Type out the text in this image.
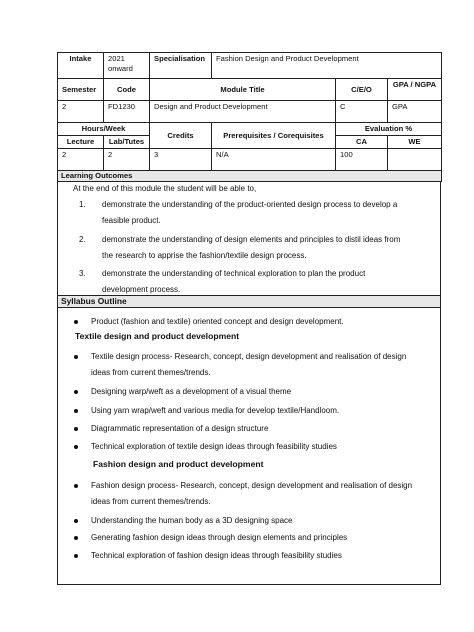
Intake	2021 onward	Specialisation	Fashion Design and Product Development		
Semester	Code	Module Title		C/E/O	GPA / NGPA
2	FD1230	Design and Product Development		C	GPA
Hours/Week		Credits	Prerequisites / Corequisites	Evaluation %	
Lecture	Lab/Tutes			CA	WE
2	2	3	N/A	100	
Learning Outcomes					
At the end of this module the student will be able to,
1.	demonstrate the understanding of the product-oriented design process to develop a
feasible product.
2.	demonstrate the understanding of design elements and principles to distil ideas from
the research to apprise the fashion/textile design process.
3.	demonstrate the understanding of technical exploration to plan the product
development process.
Syllabus Outline
Product (fashion and textile) oriented concept and design development.
Textile design and product development
Textile design process- Research, concept, design development and realisation of design
ideas from current themes/trends.
Designing warp/weft as a development of a visual theme
Using yarn wrap/weft and various media for develop textile/Handloom.
Diagrammatic representation of a design structure
Technical exploration of textile design ideas through feasibility studies
Fashion design and product development
Fashion design process- Research, concept, design development and realisation of design
ideas from current themes/trends.
Understanding the human body as a 3D designing space
Generating fashion design ideas through design elements and principles
Technical exploration of fashion design ideas through feasibility studies
